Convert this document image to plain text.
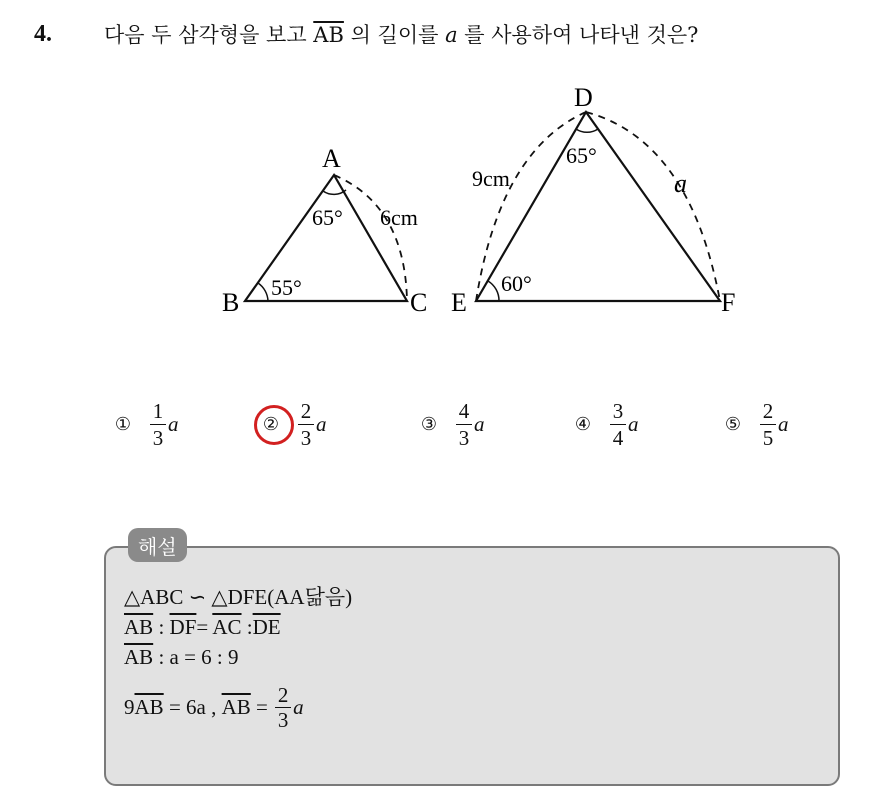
4.	다음 두 삼각형을 보고 $\overline{AB}$ 의 길이를 a 를 사용하여 나타낸 것은?
A
B	C
65°
55°
6cm
D
E	F
65°
60°
9cm	a
① $\frac{1}{3}$ a	② $\frac{2}{3}$ a	③ $\frac{4}{3}$ a	④ $\frac{3}{4}$ a	⑤ $\frac{2}{5}$ a
해설
△ABC ∽ △DFE(AA닮음)
$\overline{AB}$ : $\overline{DF}= \overline{AC}$ $:\overline{DE}$
$\overline{AB}$ : a = 6 : 9
9 $\overline{AB} = 6a$ , $\overline{AB}$ =
2
3
a
